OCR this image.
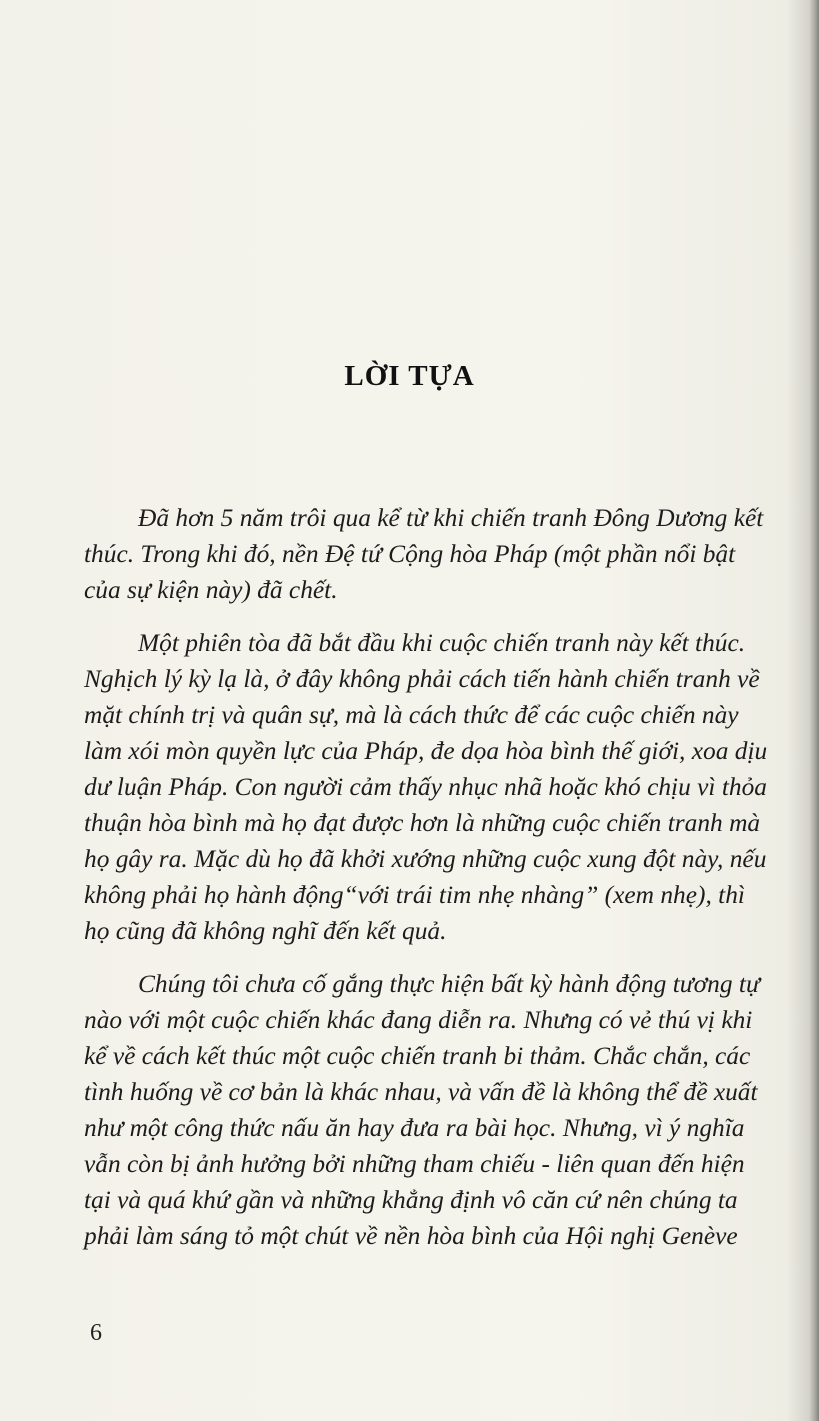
LỜI TỰA
Đã hơn 5 năm trôi qua kể từ khi chiến tranh Đông Dương kết
thúc. Trong khi đó, nền Đệ tứ Cộng hòa Pháp (một phần nổi bật
của sự kiện này) đã chết.
Một phiên tòa đã bắt đầu khi cuộc chiến tranh này kết thúc.
Nghịch lý kỳ lạ là, ở đây không phải cách tiến hành chiến tranh về
mặt chính trị và quân sự, mà là cách thức để các cuộc chiến này
làm xói mòn quyền lực của Pháp, đe dọa hòa bình thế giới, xoa dịu
dư luận Pháp. Con người cảm thấy nhục nhã hoặc khó chịu vì thỏa
thuận hòa bình mà họ đạt được hơn là những cuộc chiến tranh mà
họ gây ra. Mặc dù họ đã khởi xướng những cuộc xung đột này, nếu
không phải họ hành động“với trái tim nhẹ nhàng” (xem nhẹ), thì
họ cũng đã không nghĩ đến kết quả.
Chúng tôi chưa cố gắng thực hiện bất kỳ hành động tương tự
nào với một cuộc chiến khác đang diễn ra. Nhưng có vẻ thú vị khi
kể về cách kết thúc một cuộc chiến tranh bi thảm. Chắc chắn, các
tình huống về cơ bản là khác nhau, và vấn đề là không thể đề xuất
như một công thức nấu ăn hay đưa ra bài học. Nhưng, vì ý nghĩa
vẫn còn bị ảnh hưởng bởi những tham chiếu - liên quan đến hiện
tại và quá khứ gần và những khẳng định vô căn cứ nên chúng ta
phải làm sáng tỏ một chút về nền hòa bình của Hội nghị Genève
6
